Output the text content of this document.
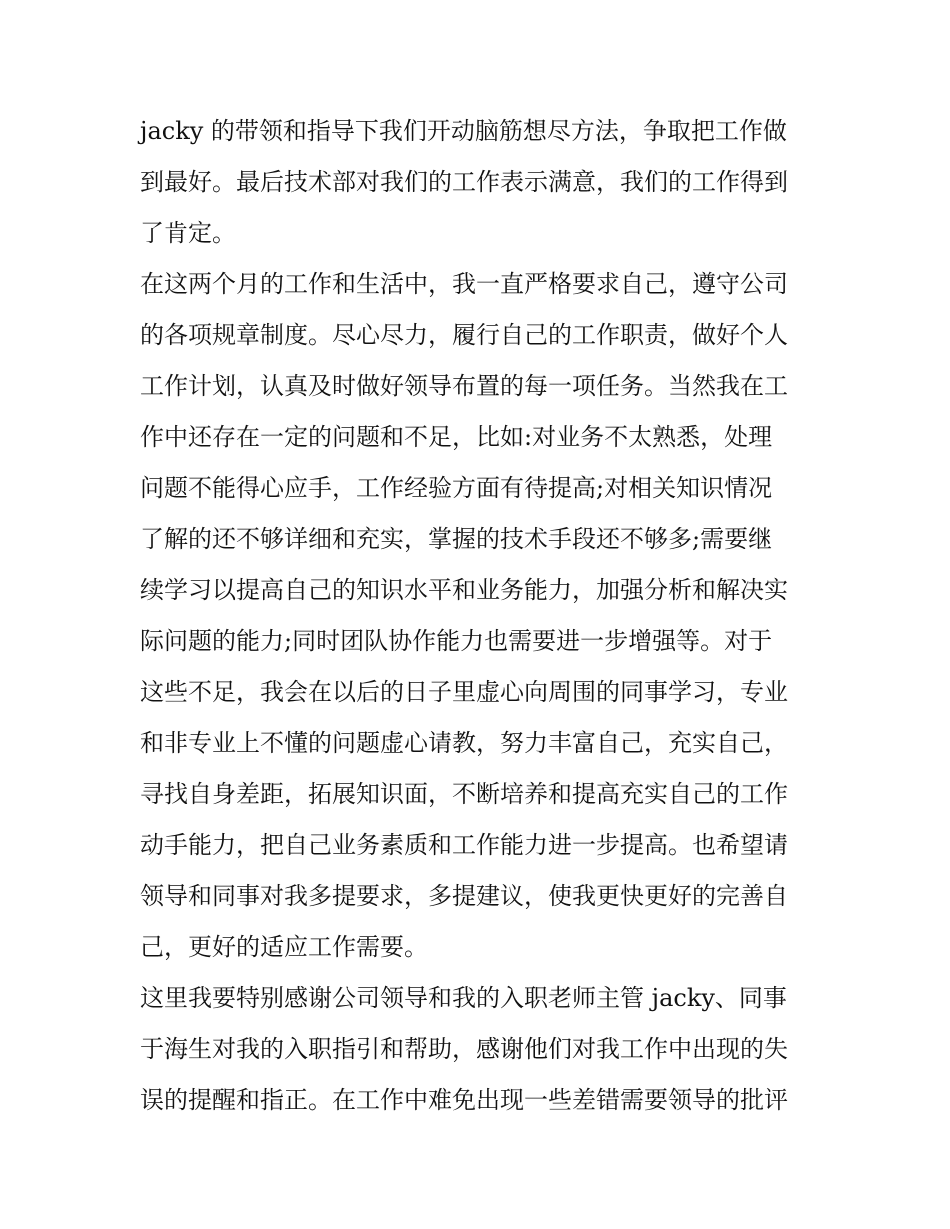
jacky 的带领和指导下我们开动脑筋想尽方法，争取把工作做
到最好。最后技术部对我们的工作表示满意，我们的工作得到
了肯定。

在这两个月的工作和生活中，我一直严格要求自己，遵守公司
的各项规章制度。尽心尽力，履行自己的工作职责，做好个人
工作计划，认真及时做好领导布置的每一项任务。当然我在工
作中还存在一定的问题和不足，比如:对业务不太熟悉，处理
问题不能得心应手，工作经验方面有待提高;对相关知识情况
了解的还不够详细和充实，掌握的技术手段还不够多;需要继
续学习以提高自己的知识水平和业务能力，加强分析和解决实
际问题的能力;同时团队协作能力也需要进一步增强等。对于
这些不足，我会在以后的日子里虚心向周围的同事学习，专业
和非专业上不懂的问题虚心请教，努力丰富自己，充实自己，
寻找自身差距，拓展知识面，不断培养和提高充实自己的工作
动手能力，把自己业务素质和工作能力进一步提高。也希望请
领导和同事对我多提要求，多提建议，使我更快更好的完善自
己，更好的适应工作需要。

这里我要特别感谢公司领导和我的入职老师主管 jacky、同事
于海生对我的入职指引和帮助，感谢他们对我工作中出现的失
误的提醒和指正。在工作中难免出现一些差错需要领导的批评
